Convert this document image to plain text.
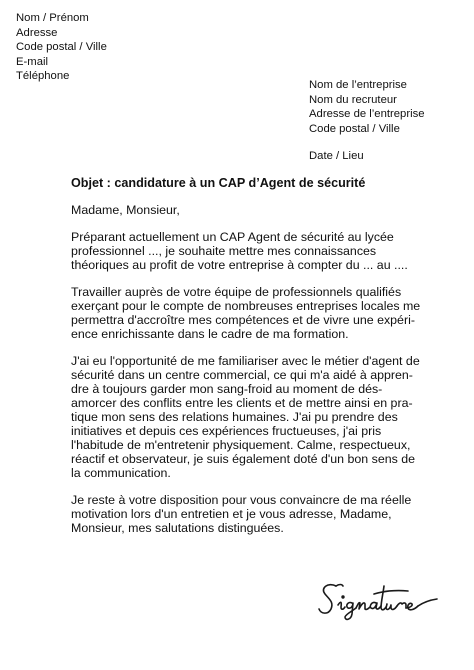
Nom / Prénom
Adresse
Code postal / Ville
E-mail
Téléphone
Nom de l’entreprise
Nom du recruteur
Adresse de l’entreprise
Code postal / Ville
Date / Lieu
Objet : candidature à un CAP d’Agent de sécurité
Madame, Monsieur,

Préparant actuellement un CAP Agent de sécurité au lycée
professionnel ..., je souhaite mettre mes connaissances
théoriques au profit de votre entreprise à compter du ... au ....

Travailler auprès de votre équipe de professionnels qualifiés
exerçant pour le compte de nombreuses entreprises locales me
permettra d'accroître mes compétences et de vivre une expéri-
ence enrichissante dans le cadre de ma formation.

J'ai eu l'opportunité de me familiariser avec le métier d'agent de
sécurité dans un centre commercial, ce qui m'a aidé à appren-
dre à toujours garder mon sang-froid au moment de dés-
amorcer des conflits entre les clients et de mettre ainsi en pra-
tique mon sens des relations humaines. J'ai pu prendre des
initiatives et depuis ces expériences fructueuses, j'ai pris
l'habitude de m'entretenir physiquement. Calme, respectueux,
réactif et observateur, je suis également doté d'un bon sens de
la communication.

Je reste à votre disposition pour vous convaincre de ma réelle
motivation lors d'un entretien et je vous adresse, Madame,
Monsieur, mes salutations distinguées.
